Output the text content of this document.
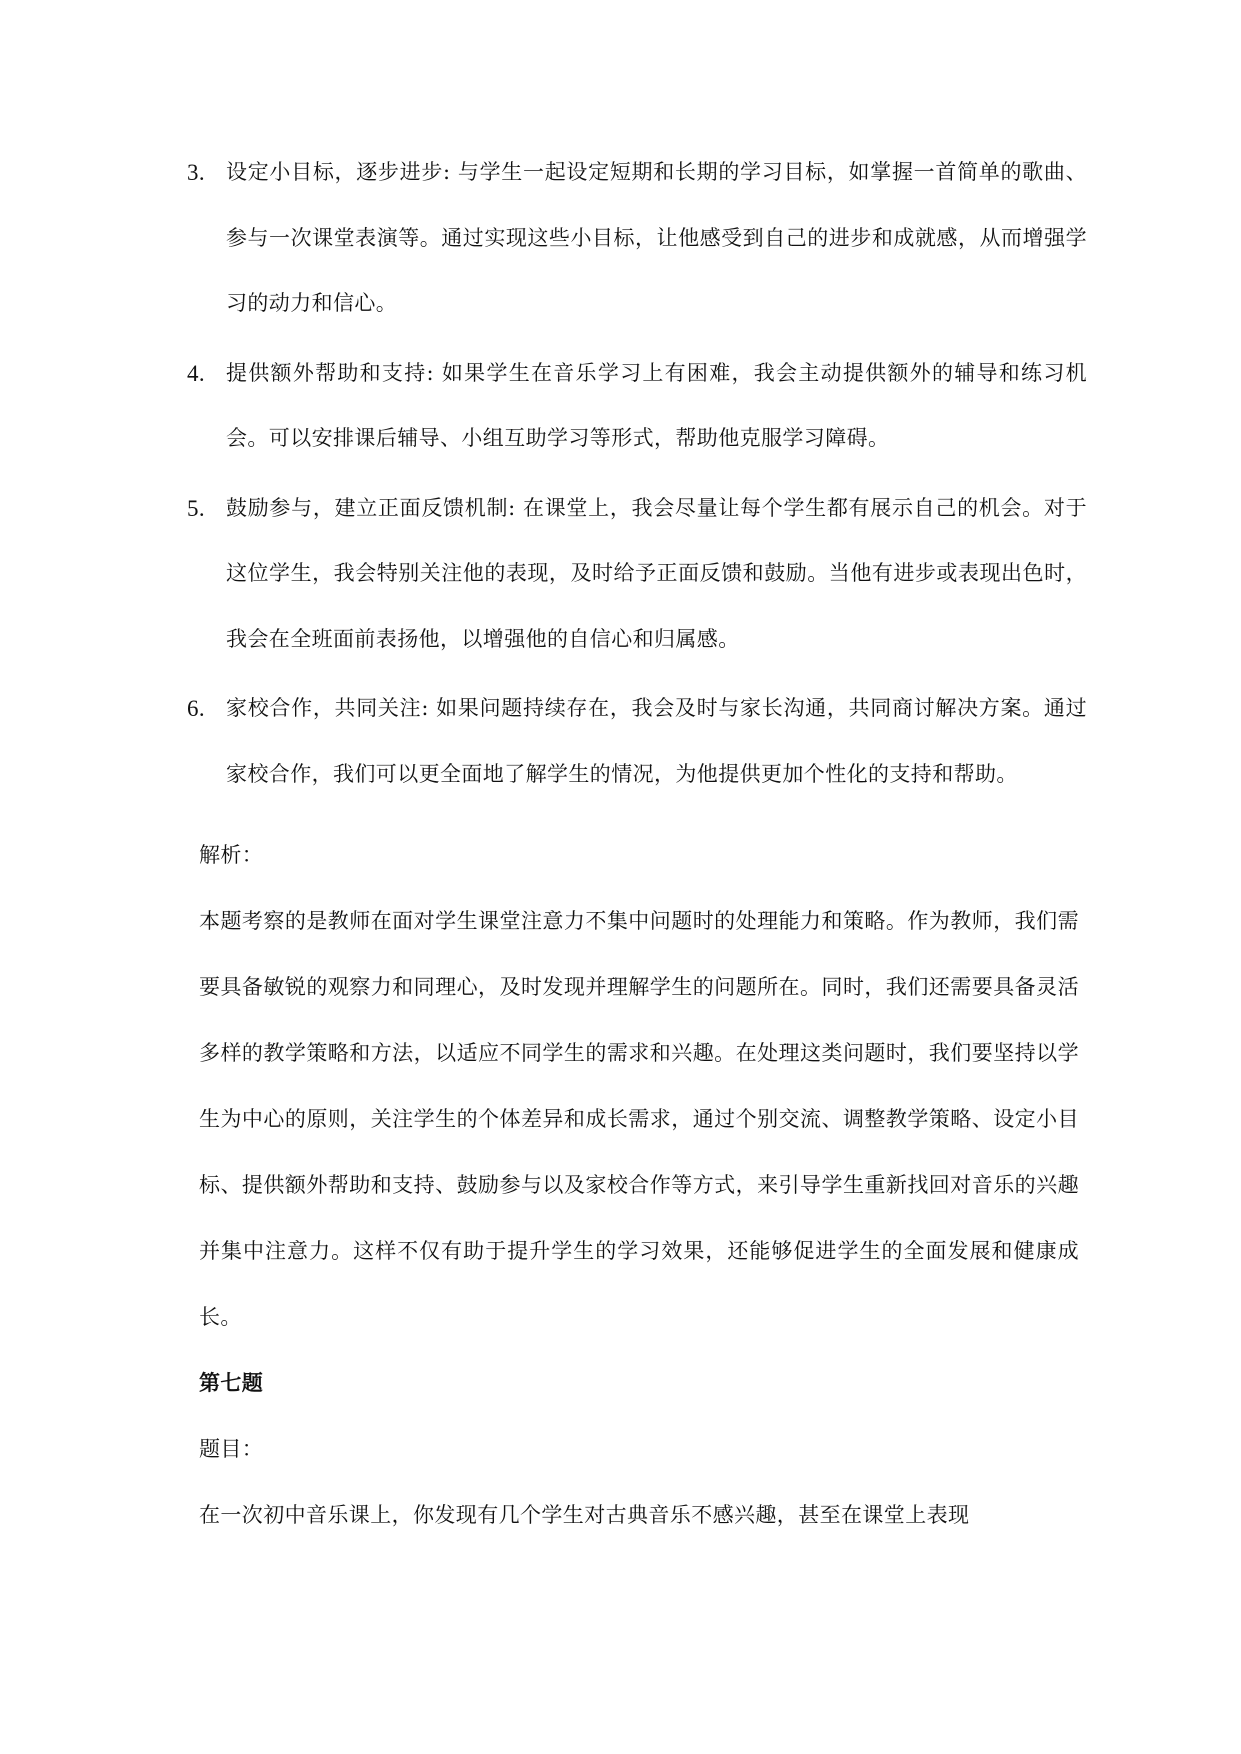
3. 设定小目标，逐步进步: 与学生一起设定短期和长期的学习目标，如掌握一首简单的歌曲、参与一次课堂表演等。通过实现这些小目标，让他感受到自己的进步和成就感，从而增强学习的动力和信心。
4. 提供额外帮助和支持: 如果学生在音乐学习上有困难，我会主动提供额外的辅导和练习机会。可以安排课后辅导、小组互助学习等形式，帮助他克服学习障碍。
5. 鼓励参与，建立正面反馈机制: 在课堂上，我会尽量让每个学生都有展示自己的机会。对于这位学生，我会特别关注他的表现，及时给予正面反馈和鼓励。当他有进步或表现出色时，我会在全班面前表扬他，以增强他的自信心和归属感。
6. 家校合作，共同关注: 如果问题持续存在，我会及时与家长沟通，共同商讨解决方案。通过家校合作，我们可以更全面地了解学生的情况，为他提供更加个性化的支持和帮助。

解析：

本题考察的是教师在面对学生课堂注意力不集中问题时的处理能力和策略。作为教师，我们需要具备敏锐的观察力和同理心，及时发现并理解学生的问题所在。同时，我们还需要具备灵活多样的教学策略和方法，以适应不同学生的需求和兴趣。在处理这类问题时，我们要坚持以学生为中心的原则，关注学生的个体差异和成长需求，通过个别交流、调整教学策略、设定小目标、提供额外帮助和支持、鼓励参与以及家校合作等方式，来引导学生重新找回对音乐的兴趣并集中注意力。这样不仅有助于提升学生的学习效果，还能够促进学生的全面发展和健康成长。

第七题

题目：

在一次初中音乐课上，你发现有几个学生对古典音乐不感兴趣，甚至在课堂上表现
